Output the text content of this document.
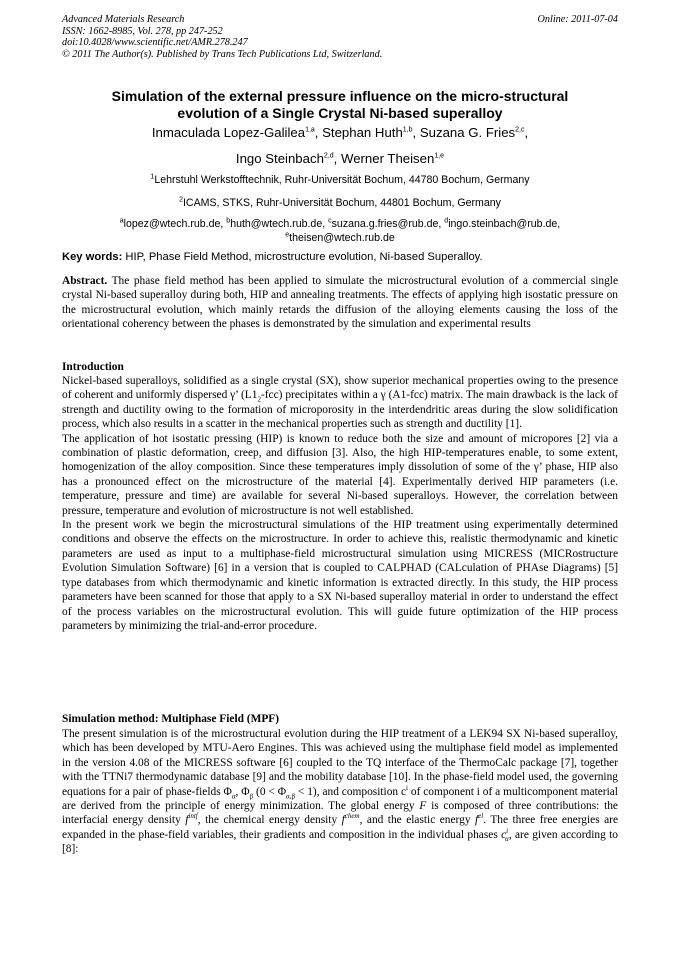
Advanced Materials Research
ISSN: 1662-8985, Vol. 278, pp 247-252
doi:10.4028/www.scientific.net/AMR.278.247
© 2011 The Author(s). Published by Trans Tech Publications Ltd, Switzerland.
Online: 2011-07-04
Simulation of the external pressure influence on the micro-structural
evolution of a Single Crystal Ni-based superalloy
Inmaculada Lopez-Galilea$^{1,a}$, Stephan Huth$^{1,b}$, Suzana G. Fries$^{2,c}$,
Ingo Steinbach$^{2,d}$, Werner Theisen$^{1,e}$
$^1$Lehrstuhl Werkstofftechnik, Ruhr-Universität Bochum, 44780 Bochum, Germany
$^2$ICAMS, STKS, Ruhr-Universität Bochum, 44801 Bochum, Germany
$^a$lopez@wtech.rub.de, $^b$huth@wtech.rub.de, $^c$suzana.g.fries@rub.de, $^d$ingo.steinbach@rub.de,
$^e$theisen@wtech.rub.de
Key words: HIP, Phase Field Method, microstructure evolution, Ni-based Superalloy.
Abstract. The phase field method has been applied to simulate the microstructural evolution of a commercial single crystal Ni-based superalloy during both, HIP and annealing treatments. The effects of applying high isostatic pressure on the microstructural evolution, which mainly retards the diffusion of the alloying elements causing the loss of the orientational coherency between the phases is demonstrated by the simulation and experimental results
Introduction

Nickel-based superalloys, solidified as a single crystal (SX), show superior mechanical properties owing to the presence of coherent and uniformly dispersed γ’ $(L1_2-fcc)$ precipitates within a γ (A1-fcc) matrix. The main drawback is the lack of strength and ductility owing to the formation of microporosity in the interdendritic areas during the slow solidification process, which also results in a scatter in the mechanical properties such as strength and ductility [1].

The application of hot isostatic pressing (HIP) is known to reduce both the size and amount of micropores [2] via a combination of plastic deformation, creep, and diffusion [3]. Also, the high HIP-temperatures enable, to some extent, homogenization of the alloy composition. Since these temperatures imply dissolution of some of the γ’ phase, HIP also has a pronounced effect on the microstructure of the material [4]. Experimentally derived HIP parameters (i.e. temperature, pressure and time) are available for several Ni-based superalloys. However, the correlation between pressure, temperature and evolution of microstructure is not well established.

In the present work we begin the microstructural simulations of the HIP treatment using experimentally determined conditions and observe the effects on the microstructure. In order to achieve this, realistic thermodynamic and kinetic parameters are used as input to a multiphase-field microstructural simulation using MICRESS (MICRostructure Evolution Simulation Software) [6] in a version that is coupled to CALPHAD (CALculation of PHAse Diagrams) [5] type databases from which thermodynamic and kinetic information is extracted directly. In this study, the HIP process parameters have been scanned for those that apply to a SX Ni-based superalloy material in order to understand the effect of the process variables on the microstructural evolution. This will guide future optimization of the HIP process parameters by minimizing the trial-and-error procedure.

Simulation method: Multiphase Field (MPF)

The present simulation is of the microstructural evolution during the HIP treatment of a LEK94 SX Ni-based superalloy, which has been developed by MTU-Aero Engines. This was achieved using the multiphase field model as implemented in the version 4.08 of the MICRESS software [6] coupled to the TQ interface of the ThermoCalc package [7], together with the TTNi7 thermodynamic database [9] and the mobility database [10]. In the phase-field model used, the governing equations for a pair of phase-fields $\Phi_\alpha$, $\Phi_\beta$ $(0 < \Phi_{\alpha,\beta} < 1)$, and composition $c^i$ of component i of a multicomponent material are derived from the principle of energy minimization. The global energy F is composed of three contributions: the interfacial energy density $f^{intf}$, the chemical energy density $f^{chem}$, and the elastic energy $f^{el}$. The three free energies are expanded in the phase-field variables, their gradients and composition in the individual phases $c^i_\alpha$, are given according to [8]:
